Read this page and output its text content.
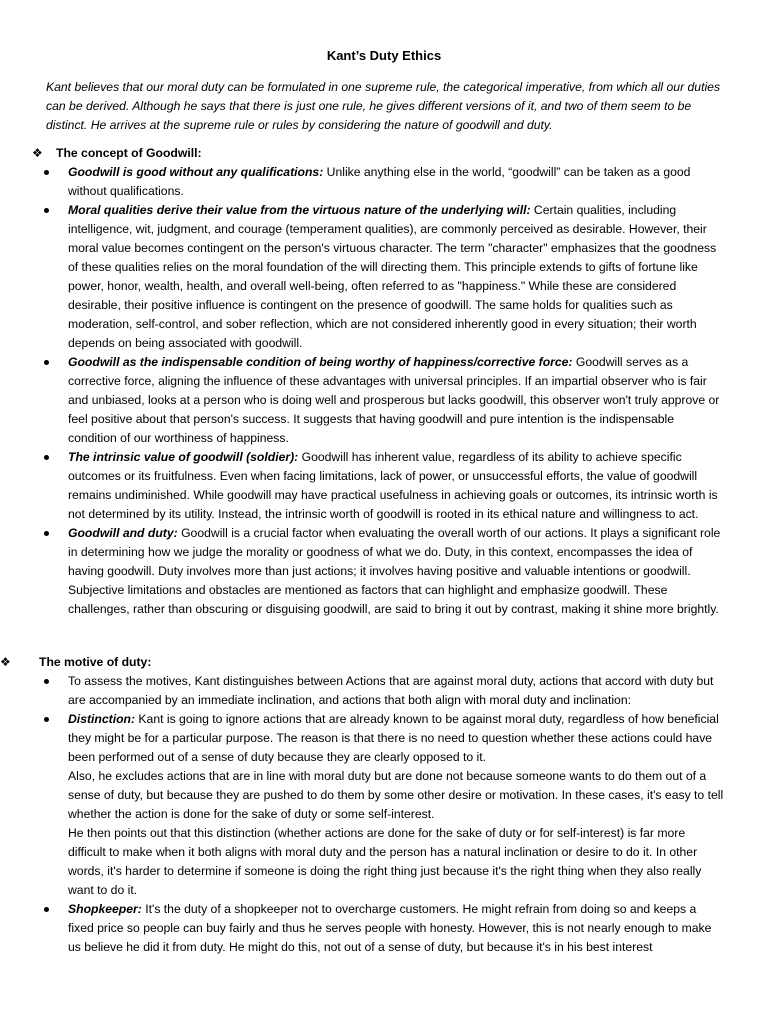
Kant’s Duty Ethics
Kant believes that our moral duty can be formulated in one supreme rule, the categorical imperative, from which all our duties can be derived. Although he says that there is just one rule, he gives different versions of it, and two of them seem to be distinct. He arrives at the supreme rule or rules by considering the nature of goodwill and duty.
❖ The concept of Goodwill:

Goodwill is good without any qualifications: Unlike anything else in the world, “goodwill” can be taken as a good without qualifications.

Moral qualities derive their value from the virtuous nature of the underlying will: Certain qualities, including intelligence, wit, judgment, and courage (temperament qualities), are commonly perceived as desirable. However, their moral value becomes contingent on the person's virtuous character. The term "character" emphasizes that the goodness of these qualities relies on the moral foundation of the will directing them. This principle extends to gifts of fortune like power, honor, wealth, health, and overall well-being, often referred to as "happiness." While these are considered desirable, their positive influence is contingent on the presence of goodwill. The same holds for qualities such as moderation, self-control, and sober reflection, which are not considered inherently good in every situation; their worth depends on being associated with goodwill.

Goodwill as the indispensable condition of being worthy of happiness/corrective force: Goodwill serves as a corrective force, aligning the influence of these advantages with universal principles. If an impartial observer who is fair and unbiased, looks at a person who is doing well and prosperous but lacks goodwill, this observer won't truly approve or feel positive about that person's success. It suggests that having goodwill and pure intention is the indispensable condition of our worthiness of happiness.

The intrinsic value of goodwill (soldier): Goodwill has inherent value, regardless of its ability to achieve specific outcomes or its fruitfulness. Even when facing limitations, lack of power, or unsuccessful efforts, the value of goodwill remains undiminished. While goodwill may have practical usefulness in achieving goals or outcomes, its intrinsic worth is not determined by its utility. Instead, the intrinsic worth of goodwill is rooted in its ethical nature and willingness to act.

Goodwill and duty: Goodwill is a crucial factor when evaluating the overall worth of our actions. It plays a significant role in determining how we judge the morality or goodness of what we do. Duty, in this context, encompasses the idea of having goodwill. Duty involves more than just actions; it involves having positive and valuable intentions or goodwill. Subjective limitations and obstacles are mentioned as factors that can highlight and emphasize goodwill. These challenges, rather than obscuring or disguising goodwill, are said to bring it out by contrast, making it shine more brightly.

❖ The motive of duty:

To assess the motives, Kant distinguishes between Actions that are against moral duty, actions that accord with duty but are accompanied by an immediate inclination, and actions that both align with moral duty and inclination:

Distinction: Kant is going to ignore actions that are already known to be against moral duty, regardless of how beneficial they might be for a particular purpose. The reason is that there is no need to question whether these actions could have been performed out of a sense of duty because they are clearly opposed to it.
Also, he excludes actions that are in line with moral duty but are done not because someone wants to do them out of a sense of duty, but because they are pushed to do them by some other desire or motivation. In these cases, it's easy to tell whether the action is done for the sake of duty or some self-interest.
He then points out that this distinction (whether actions are done for the sake of duty or for self-interest) is far more difficult to make when it both aligns with moral duty and the person has a natural inclination or desire to do it. In other words, it's harder to determine if someone is doing the right thing just because it's the right thing when they also really want to do it.

Shopkeeper: It's the duty of a shopkeeper not to overcharge customers. He might refrain from doing so and keeps a fixed price so people can buy fairly and thus he serves people with honesty. However, this is not nearly enough to make us believe he did it from duty. He might do this, not out of a sense of duty, but because it's in his best interest
